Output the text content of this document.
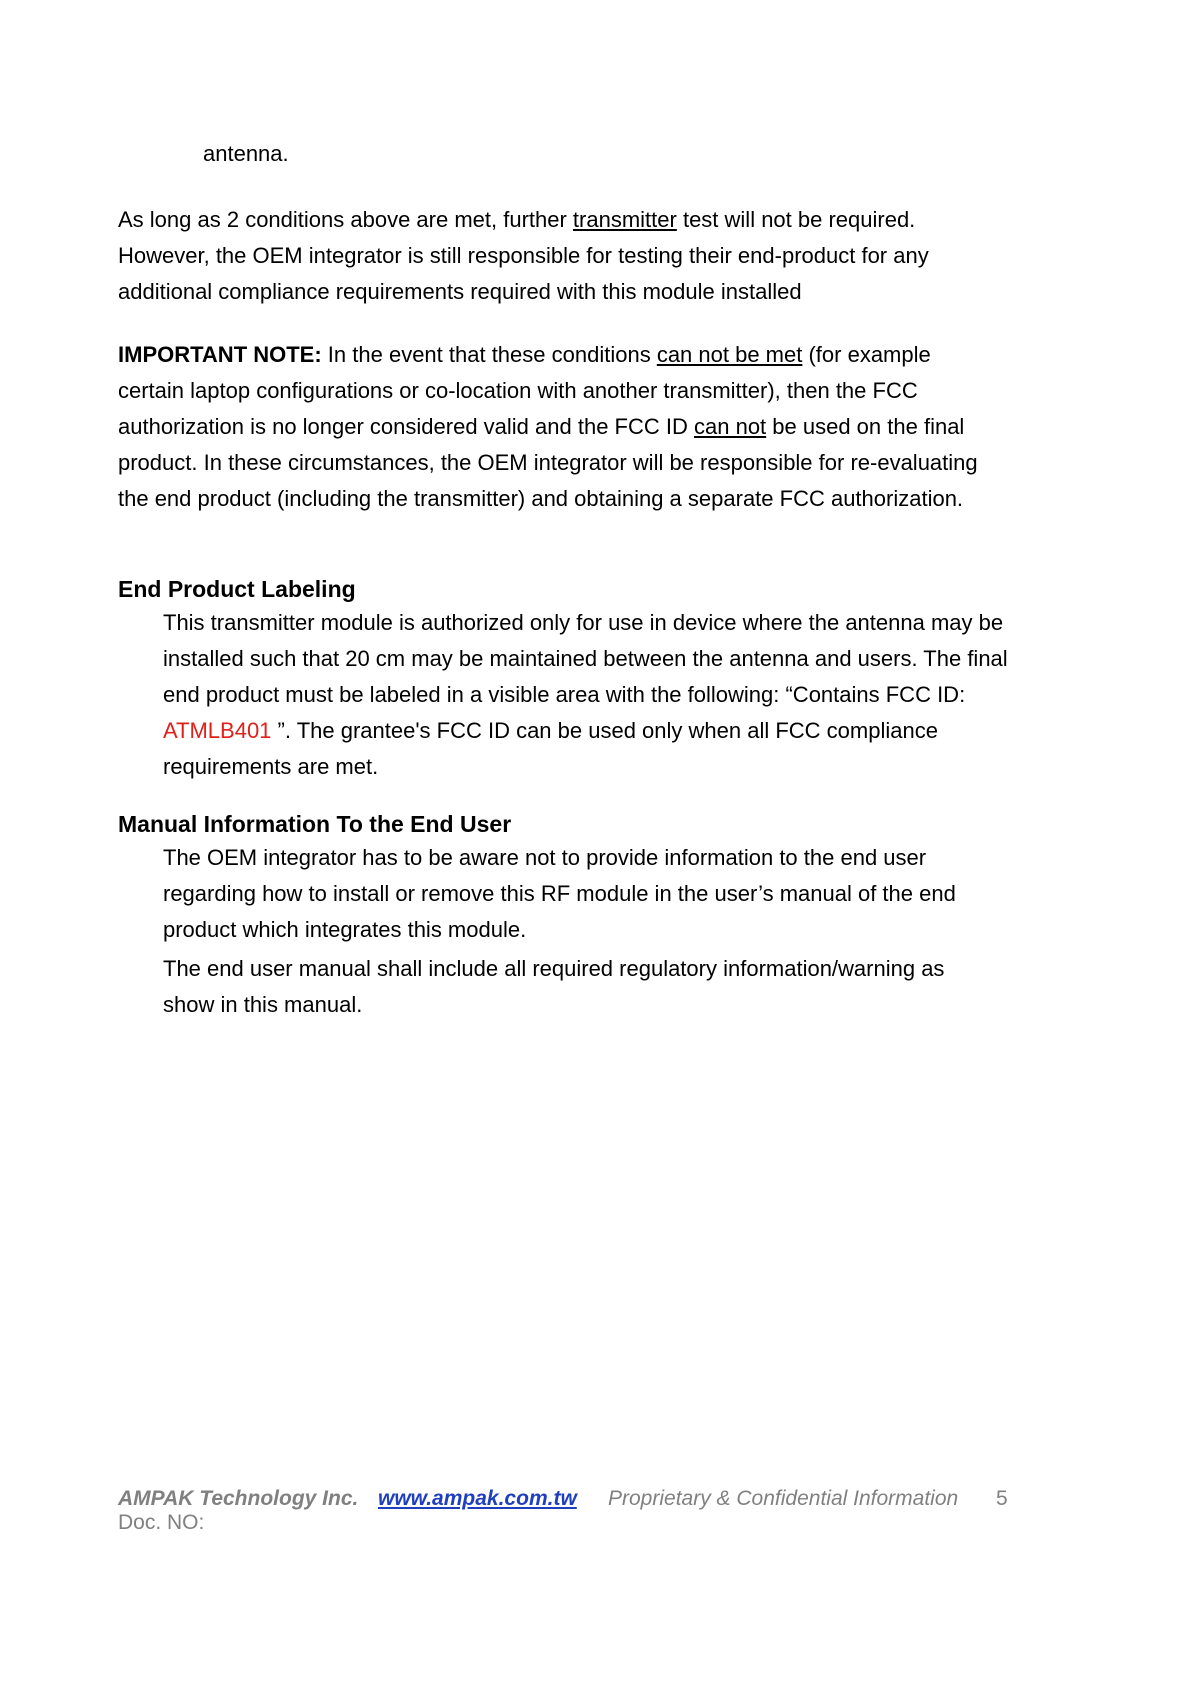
antenna.

As long as 2 conditions above are met, further transmitter test will not be required. However, the OEM integrator is still responsible for testing their end-product for any additional compliance requirements required with this module installed

IMPORTANT NOTE: In the event that these conditions can not be met (for example certain laptop configurations or co-location with another transmitter), then the FCC authorization is no longer considered valid and the FCC ID can not be used on the final product. In these circumstances, the OEM integrator will be responsible for re-evaluating the end product (including the transmitter) and obtaining a separate FCC authorization.

End Product Labeling

This transmitter module is authorized only for use in device where the antenna may be installed such that 20 cm may be maintained between the antenna and users. The final end product must be labeled in a visible area with the following: “Contains FCC ID: ATMLB401 ”. The grantee's FCC ID can be used only when all FCC compliance requirements are met.

Manual Information To the End User

The OEM integrator has to be aware not to provide information to the end user regarding how to install or remove this RF module in the user’s manual of the end product which integrates this module.

The end user manual shall include all required regulatory information/warning as show in this manual.

AMPAK Technology Inc. www.ampak.com.tw Proprietary & Confidential Information 5
Doc. NO:
